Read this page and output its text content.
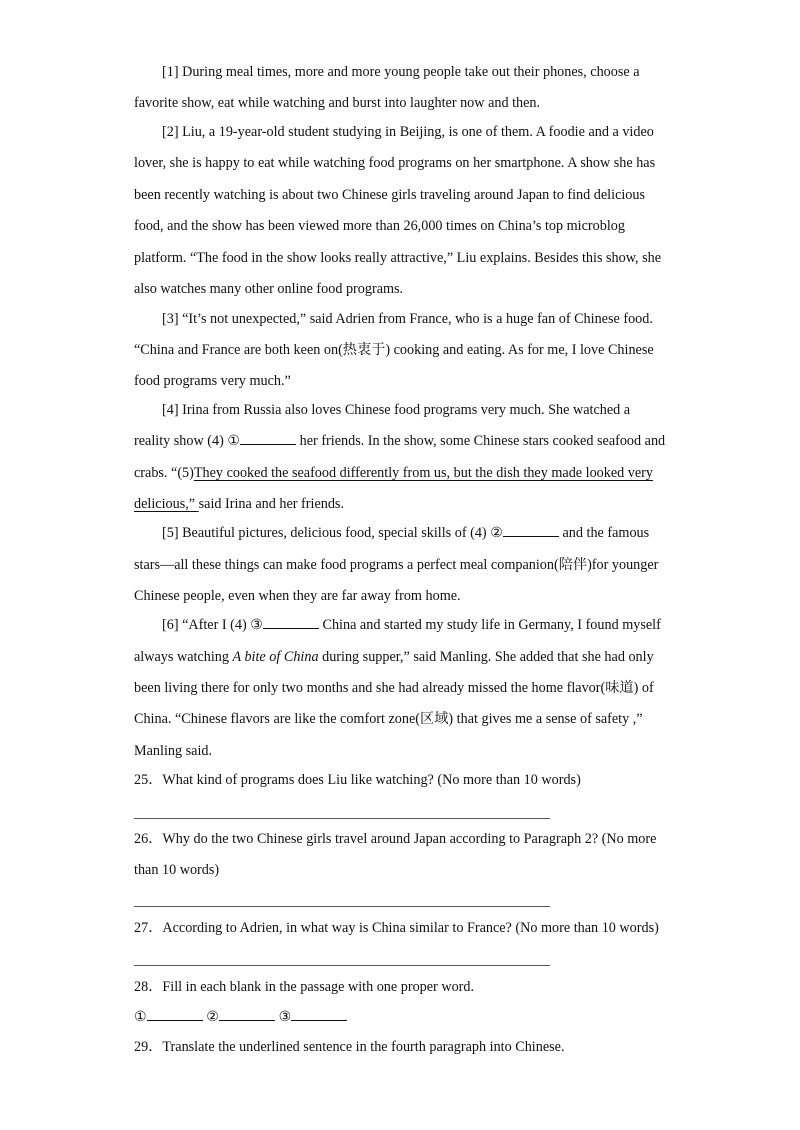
[1] During meal times, more and more young people take out their phones, choose a
favorite show, eat while watching and burst into laughter now and then.
[2] Liu, a 19-year-old student studying in Beijing, is one of them. A foodie and a video
lover, she is happy to eat while watching food programs on her smartphone. A show she has
been recently watching is about two Chinese girls traveling around Japan to find delicious
food, and the show has been viewed more than 26,000 times on China’s top microblog
platform. “The food in the show looks really attractive,” Liu explains. Besides this show, she
also watches many other online food programs.
[3] “It’s not unexpected,” said Adrien from France, who is a huge fan of Chinese food.
“China and France are both keen on(热衷于) cooking and eating. As for me, I love Chinese
food programs very much.”
[4] Irina from Russia also loves Chinese food programs very much. She watched a
reality show (4) ①	her friends. In the show, some Chinese stars cooked seafood and
crabs. “(5)They cooked the seafood differently from us, but the dish they made looked very
delicious,” said Irina and her friends.
[5] Beautiful pictures, delicious food, special skills of (4) ②	and the famous
stars—all these things can make food programs a perfect meal companion(陪伴)for younger
Chinese people, even when they are far away from home.
[6] “After I (4) ③	China and started my study life in Germany, I found myself
always watching A bite of China during supper,” said Manling. She added that she had only
been living there for only two months and she had already missed the home flavor(味道) of
China. “Chinese flavors are like the comfort zone(区域) that gives me a sense of safety ,”
Manling said.
25．What kind of programs does Liu like watching? (No more than 10 words)
26．Why do the two Chinese girls travel around Japan according to Paragraph 2? (No more
than 10 words)
27．According to Adrien, in what way is China similar to France? (No more than 10 words)
28．Fill in each blank in the passage with one proper word.
①	②	③
29．Translate the underlined sentence in the fourth paragraph into Chinese.
